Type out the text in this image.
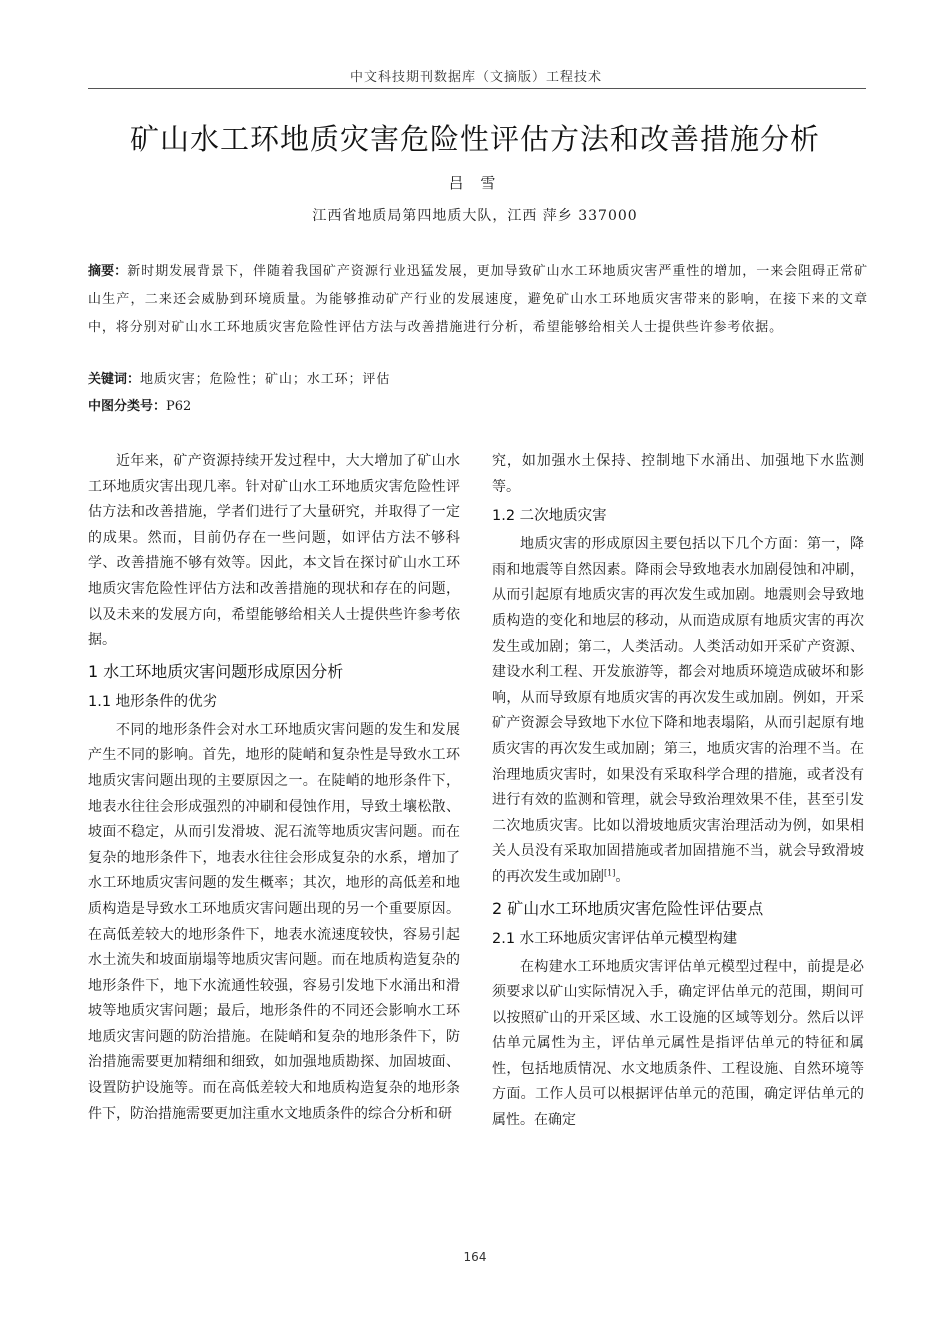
中文科技期刊数据库（文摘版）工程技术
矿山水工环地质灾害危险性评估方法和改善措施分析
吕 雪
江西省地质局第四地质大队，江西 萍乡 337000
摘要：新时期发展背景下，伴随着我国矿产资源行业迅猛发展，更加导致矿山水工环地质灾害严重性的增加，一来会阻碍正常矿山生产，二来还会威胁到环境质量。为能够推动矿产行业的发展速度，避免矿山水工环地质灾害带来的影响，在接下来的文章中，将分别对矿山水工环地质灾害危险性评估方法与改善措施进行分析，希望能够给相关人士提供些许参考依据。
关键词：地质灾害；危险性；矿山；水工环；评估
中图分类号：P62

近年来，矿产资源持续开发过程中，大大增加了矿山水工环地质灾害出现几率。针对矿山水工环地质灾害危险性评估方法和改善措施，学者们进行了大量研究，并取得了一定的成果。然而，目前仍存在一些问题，如评估方法不够科学、改善措施不够有效等。因此，本文旨在探讨矿山水工环地质灾害危险性评估方法和改善措施的现状和存在的问题，以及未来的发展方向，希望能够给相关人士提供些许参考依据。

1 水工环地质灾害问题形成原因分析
1.1 地形条件的优劣

不同的地形条件会对水工环地质灾害问题的发生和发展产生不同的影响。首先，地形的陡峭和复杂性是导致水工环地质灾害问题出现的主要原因之一。在陡峭的地形条件下，地表水往往会形成强烈的冲刷和侵蚀作用，导致土壤松散、坡面不稳定，从而引发滑坡、泥石流等地质灾害问题。而在复杂的地形条件下，地表水往往会形成复杂的水系，增加了水工环地质灾害问题的发生概率；其次，地形的高低差和地质构造是导致水工环地质灾害问题出现的另一个重要原因。在高低差较大的地形条件下，地表水流速度较快，容易引起水土流失和坡面崩塌等地质灾害问题。而在地质构造复杂的地形条件下，地下水流通性较强，容易引发地下水涌出和滑坡等地质灾害问题；最后，地形条件的不同还会影响水工环地质灾害问题的防治措施。在陡峭和复杂的地形条件下，防治措施需要更加精细和细致，如加强地质勘探、加固坡面、设置防护设施等。而在高低差较大和地质构造复杂的地形条件下，防治措施需要更加注重水文地质条件的综合分析和研

究，如加强水土保持、控制地下水涌出、加强地下水监测等。

1.2 二次地质灾害

地质灾害的形成原因主要包括以下几个方面：第一，降雨和地震等自然因素。降雨会导致地表水加剧侵蚀和冲刷，从而引起原有地质灾害的再次发生或加剧。地震则会导致地质构造的变化和地层的移动，从而造成原有地质灾害的再次发生或加剧；第二，人类活动。人类活动如开采矿产资源、建设水利工程、开发旅游等，都会对地质环境造成破坏和影响，从而导致原有地质灾害的再次发生或加剧。例如，开采矿产资源会导致地下水位下降和地表塌陷，从而引起原有地质灾害的再次发生或加剧；第三，地质灾害的治理不当。在治理地质灾害时，如果没有采取科学合理的措施，或者没有进行有效的监测和管理，就会导致治理效果不佳，甚至引发二次地质灾害。比如以滑坡地质灾害治理活动为例，如果相关人员没有采取加固措施或者加固措施不当，就会导致滑坡的再次发生或加剧[1]。

2 矿山水工环地质灾害危险性评估要点
2.1 水工环地质灾害评估单元模型构建

在构建水工环地质灾害评估单元模型过程中，前提是必须要求以矿山实际情况入手，确定评估单元的范围，期间可以按照矿山的开采区域、水工设施的区域等划分。然后以评估单元属性为主，评估单元属性是指评估单元的特征和属性，包括地质情况、水文地质条件、工程设施、自然环境等方面。工作人员可以根据评估单元的范围，确定评估单元的属性。在确定

164
